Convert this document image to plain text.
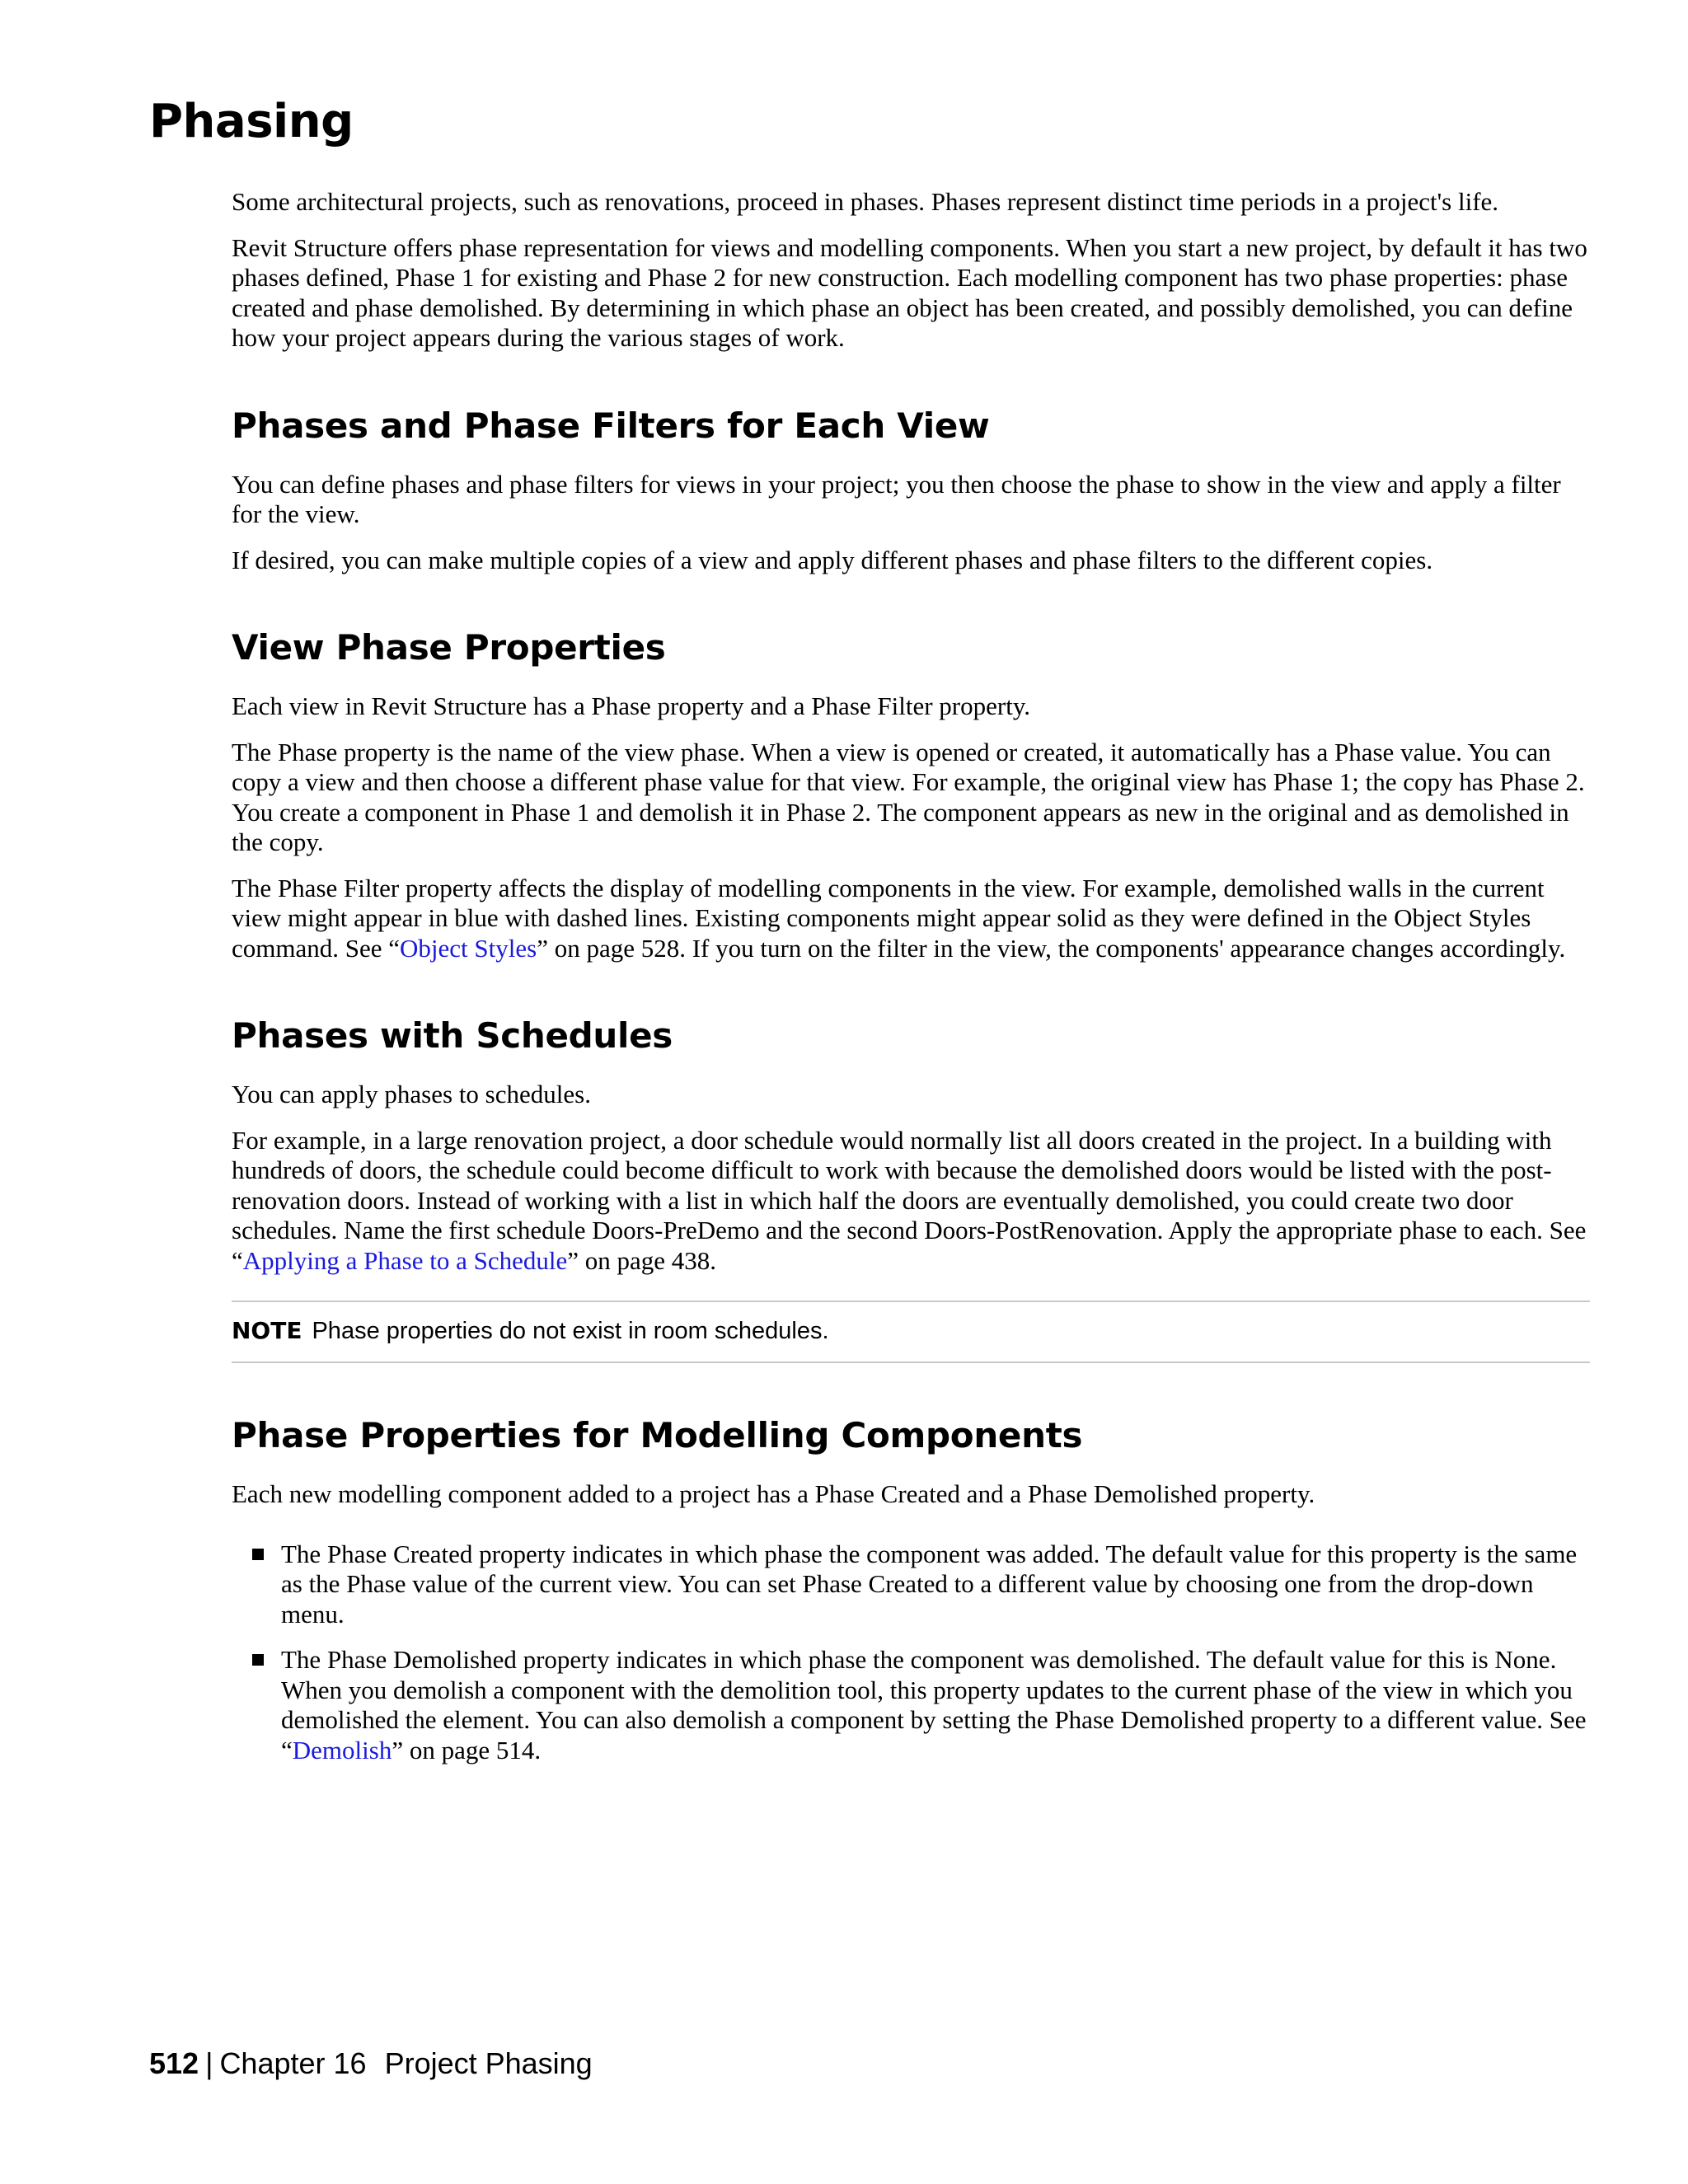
Phasing

Some architectural projects, such as renovations, proceed in phases. Phases represent distinct time periods in a project's life.

Revit Structure offers phase representation for views and modelling components. When you start a new project, by default it has two phases defined, Phase 1 for existing and Phase 2 for new construction. Each modelling component has two phase properties: phase created and phase demolished. By determining in which phase an object has been created, and possibly demolished, you can define how your project appears during the various stages of work.

Phases and Phase Filters for Each View

You can define phases and phase filters for views in your project; you then choose the phase to show in the view and apply a filter for the view.

If desired, you can make multiple copies of a view and apply different phases and phase filters to the different copies.

View Phase Properties

Each view in Revit Structure has a Phase property and a Phase Filter property.

The Phase property is the name of the view phase. When a view is opened or created, it automatically has a Phase value. You can copy a view and then choose a different phase value for that view. For example, the original view has Phase 1; the copy has Phase 2. You create a component in Phase 1 and demolish it in Phase 2. The component appears as new in the original and as demolished in the copy.

The Phase Filter property affects the display of modelling components in the view. For example, demolished walls in the current view might appear in blue with dashed lines. Existing components might appear solid as they were defined in the Object Styles command. See “Object Styles” on page 528. If you turn on the filter in the view, the components' appearance changes accordingly.

Phases with Schedules

You can apply phases to schedules.

For example, in a large renovation project, a door schedule would normally list all doors created in the project. In a building with hundreds of doors, the schedule could become difficult to work with because the demolished doors would be listed with the post-renovation doors. Instead of working with a list in which half the doors are eventually demolished, you could create two door schedules. Name the first schedule Doors-PreDemo and the second Doors-PostRenovation. Apply the appropriate phase to each. See “Applying a Phase to a Schedule” on page 438.

NOTE Phase properties do not exist in room schedules.
Phase Properties for Modelling Components

Each new modelling component added to a project has a Phase Created and a Phase Demolished property.

The Phase Created property indicates in which phase the component was added. The default value for this property is the same as the Phase value of the current view. You can set Phase Created to a different value by choosing one from the drop-down menu.
The Phase Demolished property indicates in which phase the component was demolished. The default value for this is None. When you demolish a component with the demolition tool, this property updates to the current phase of the view in which you demolished the element. You can also demolish a component by setting the Phase Demolished property to a different value. See “Demolish” on page 514.
512 | Chapter 16 Project Phasing
